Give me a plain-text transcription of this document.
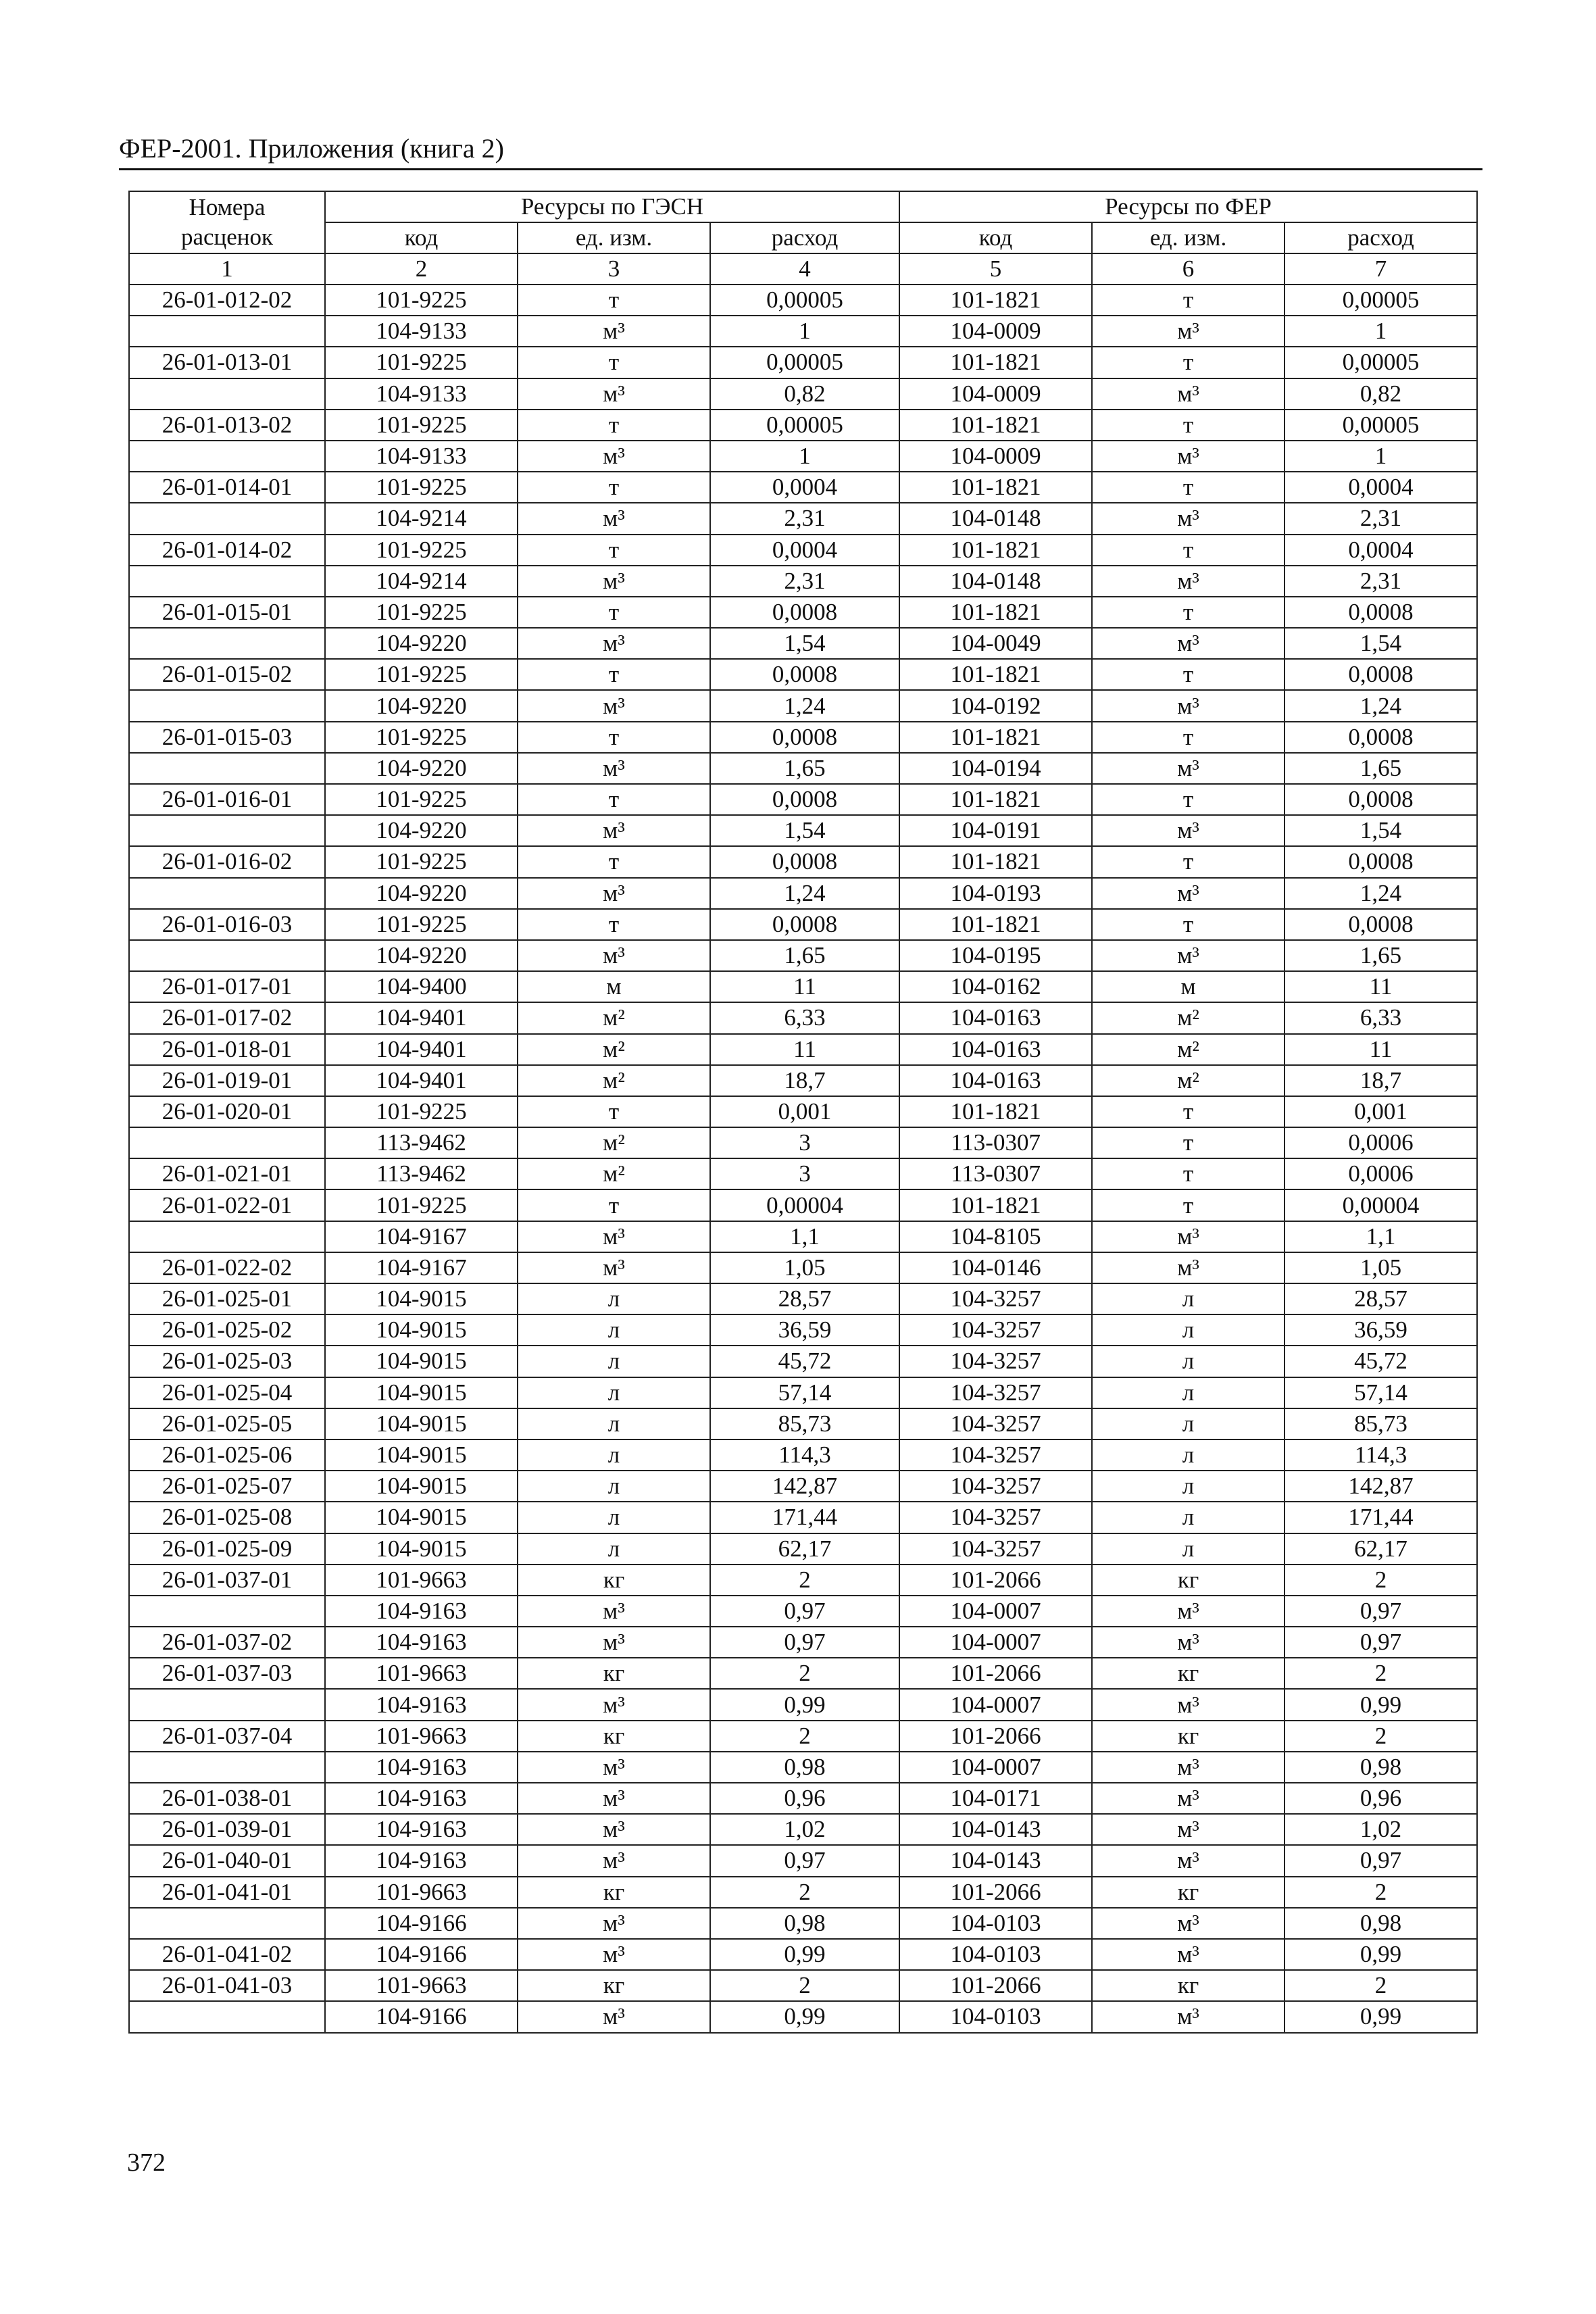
ФЕР-2001. Приложения (книга 2)
Номера расценок	Ресурсы по ГЭСН			Ресурсы по ФЕР		
	код	ед. изм.	расход	код	ед. изм.	расход
1	2	3	4	5	6	7
26-01-012-02	101-9225	т	0,00005	101-1821	т	0,00005
	104-9133	м³	1	104-0009	м³	1
26-01-013-01	101-9225	т	0,00005	101-1821	т	0,00005
	104-9133	м³	0,82	104-0009	м³	0,82
26-01-013-02	101-9225	т	0,00005	101-1821	т	0,00005
	104-9133	м³	1	104-0009	м³	1
26-01-014-01	101-9225	т	0,0004	101-1821	т	0,0004
	104-9214	м³	2,31	104-0148	м³	2,31
26-01-014-02	101-9225	т	0,0004	101-1821	т	0,0004
	104-9214	м³	2,31	104-0148	м³	2,31
26-01-015-01	101-9225	т	0,0008	101-1821	т	0,0008
	104-9220	м³	1,54	104-0049	м³	1,54
26-01-015-02	101-9225	т	0,0008	101-1821	т	0,0008
	104-9220	м³	1,24	104-0192	м³	1,24
26-01-015-03	101-9225	т	0,0008	101-1821	т	0,0008
	104-9220	м³	1,65	104-0194	м³	1,65
26-01-016-01	101-9225	т	0,0008	101-1821	т	0,0008
	104-9220	м³	1,54	104-0191	м³	1,54
26-01-016-02	101-9225	т	0,0008	101-1821	т	0,0008
	104-9220	м³	1,24	104-0193	м³	1,24
26-01-016-03	101-9225	т	0,0008	101-1821	т	0,0008
	104-9220	м³	1,65	104-0195	м³	1,65
26-01-017-01	104-9400	м	11	104-0162	м	11
26-01-017-02	104-9401	м²	6,33	104-0163	м²	6,33
26-01-018-01	104-9401	м²	11	104-0163	м²	11
26-01-019-01	104-9401	м²	18,7	104-0163	м²	18,7
26-01-020-01	101-9225	т	0,001	101-1821	т	0,001
	113-9462	м²	3	113-0307	т	0,0006
26-01-021-01	113-9462	м²	3	113-0307	т	0,0006
26-01-022-01	101-9225	т	0,00004	101-1821	т	0,00004
	104-9167	м³	1,1	104-8105	м³	1,1
26-01-022-02	104-9167	м³	1,05	104-0146	м³	1,05
26-01-025-01	104-9015	л	28,57	104-3257	л	28,57
26-01-025-02	104-9015	л	36,59	104-3257	л	36,59
26-01-025-03	104-9015	л	45,72	104-3257	л	45,72
26-01-025-04	104-9015	л	57,14	104-3257	л	57,14
26-01-025-05	104-9015	л	85,73	104-3257	л	85,73
26-01-025-06	104-9015	л	114,3	104-3257	л	114,3
26-01-025-07	104-9015	л	142,87	104-3257	л	142,87
26-01-025-08	104-9015	л	171,44	104-3257	л	171,44
26-01-025-09	104-9015	л	62,17	104-3257	л	62,17
26-01-037-01	101-9663	кг	2	101-2066	кг	2
	104-9163	м³	0,97	104-0007	м³	0,97
26-01-037-02	104-9163	м³	0,97	104-0007	м³	0,97
26-01-037-03	101-9663	кг	2	101-2066	кг	2
	104-9163	м³	0,99	104-0007	м³	0,99
26-01-037-04	101-9663	кг	2	101-2066	кг	2
	104-9163	м³	0,98	104-0007	м³	0,98
26-01-038-01	104-9163	м³	0,96	104-0171	м³	0,96
26-01-039-01	104-9163	м³	1,02	104-0143	м³	1,02
26-01-040-01	104-9163	м³	0,97	104-0143	м³	0,97
26-01-041-01	101-9663	кг	2	101-2066	кг	2
	104-9166	м³	0,98	104-0103	м³	0,98
26-01-041-02	104-9166	м³	0,99	104-0103	м³	0,99
26-01-041-03	101-9663	кг	2	101-2066	кг	2
	104-9166	м³	0,99	104-0103	м³	0,99
372
